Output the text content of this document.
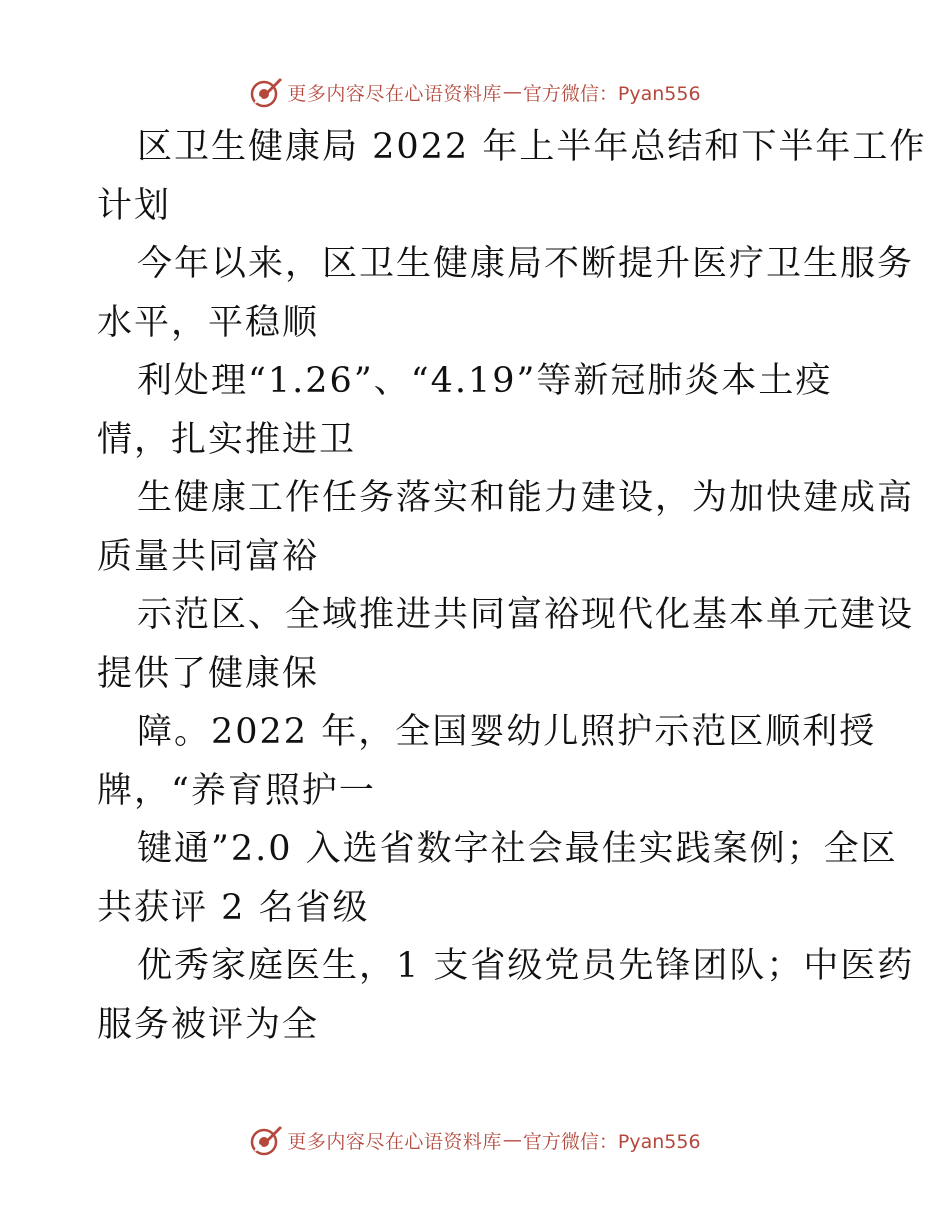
更多内容尽在心语资料库 — 官方微信：Pyan556
区卫生健康局 2022 年上半年总结和下半年工作
计划
今年以来，区卫生健康局不断提升医疗卫生服务
水平，平稳顺
利处理“1.26”、“4.19”等新冠肺炎本土疫
情，扎实推进卫
生健康工作任务落实和能力建设，为加快建成高
质量共同富裕
示范区、全域推进共同富裕现代化基本单元建设
提供了健康保
障。2022 年，全国婴幼儿照护示范区顺利授
牌，“养育照护一
键通”2.0 入选省数字社会最佳实践案例；全区
共获评 2 名省级
优秀家庭医生，1 支省级党员先锋团队；中医药
服务被评为全
更多内容尽在心语资料库 — 官方微信：Pyan556
